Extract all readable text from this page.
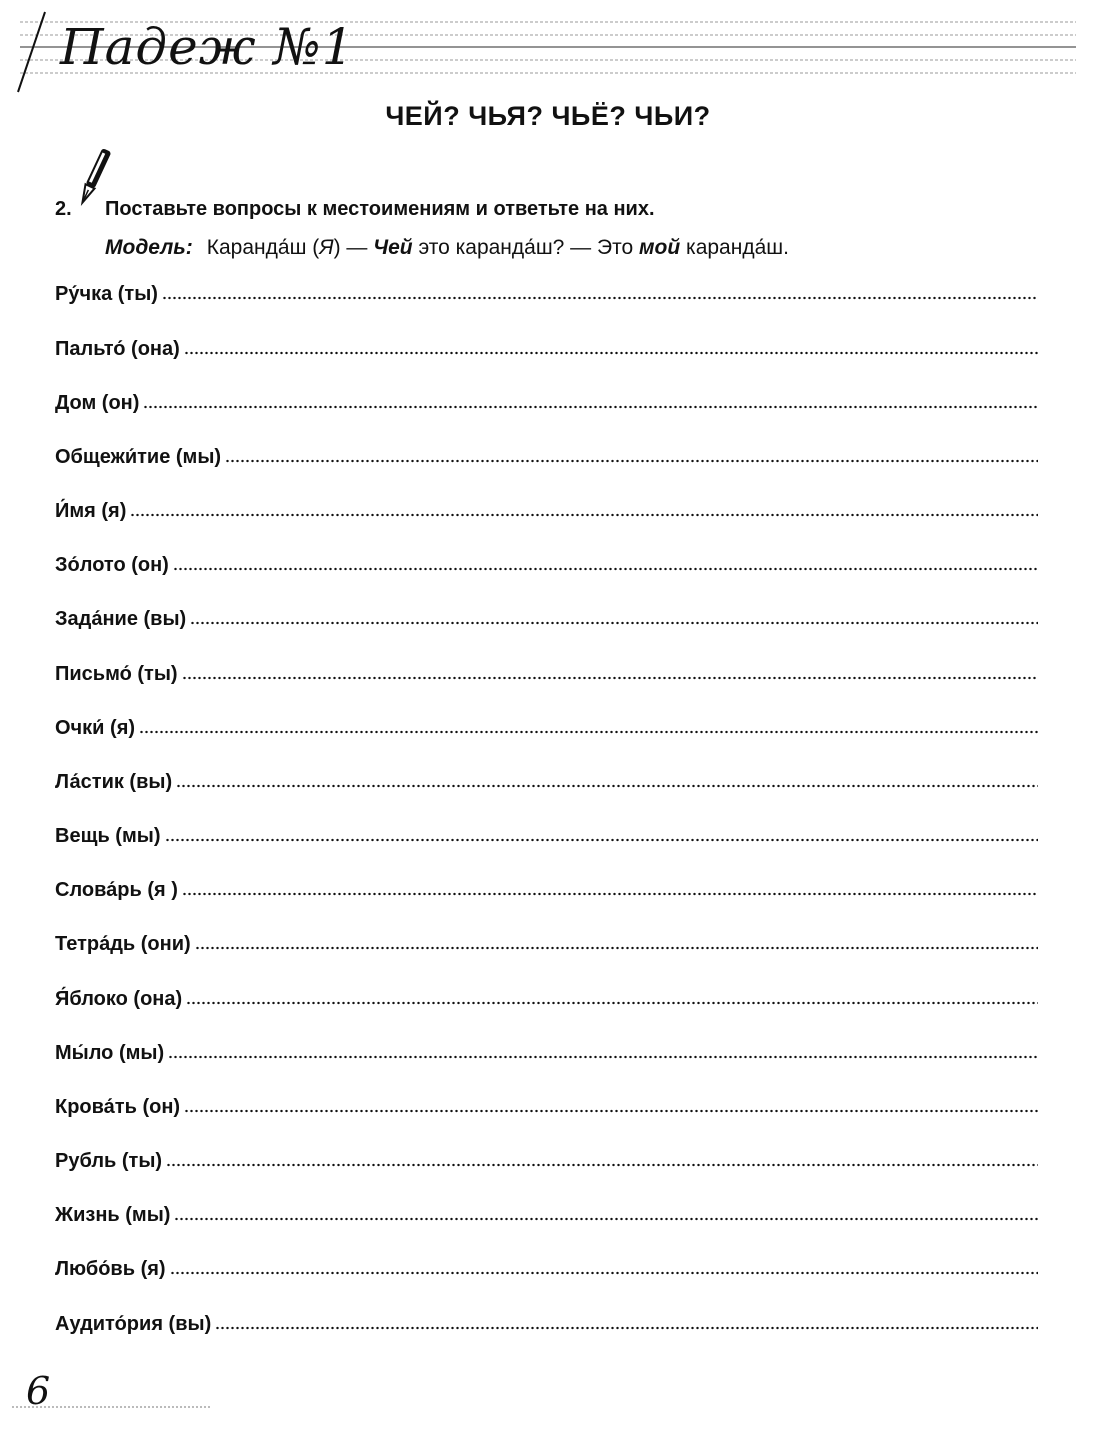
Падеж №1
ЧЕЙ? ЧЬЯ? ЧЬЁ? ЧЬИ?
2. Поставьте вопросы к местоимениям и ответьте на них.
Модель: Каранда́ш (Я) — Чей это каранда́ш? — Это мой каранда́ш.
Ру́чка (ты)
Пальто́ (она)
Дом (он)
Общежи́тие (мы)
И́мя (я)
Зо́лото (он)
Зада́ние (вы)
Письмо́ (ты)
Очки́ (я)
Ла́стик (вы)
Вещь (мы)
Слова́рь (я )
Тетра́дь (они)
Я́блоко (она)
Мы́ло (мы)
Крова́ть (он)
Рубль (ты)
Жизнь (мы)
Любо́вь (я)
Аудито́рия (вы)

6
